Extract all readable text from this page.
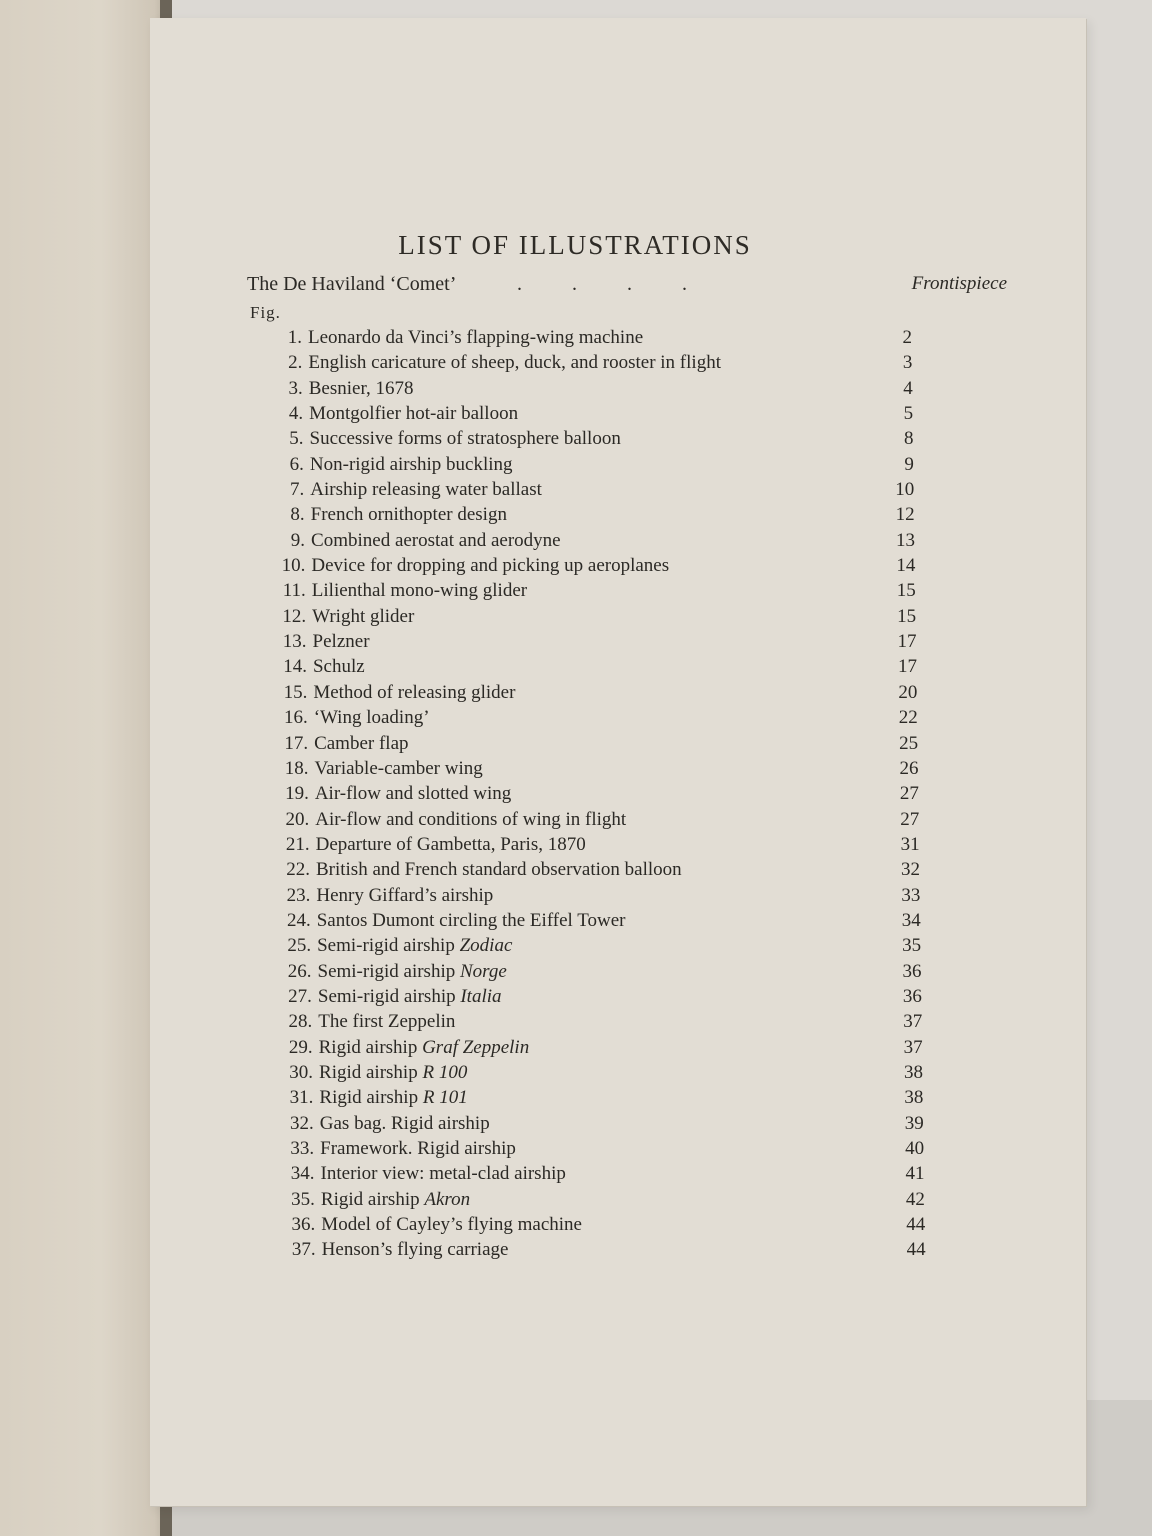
LIST OF ILLUSTRATIONS
The De Haviland ‘Comet’	.          .          .          .	Frontispiece
Fig.
1. Leonardo da Vinci’s flapping-wing machine	2
2. English caricature of sheep, duck, and rooster in flight	3
3. Besnier, 1678	4
4. Montgolfier hot-air balloon	5
5. Successive forms of stratosphere balloon	8
6. Non-rigid airship buckling	9
7. Airship releasing water ballast	10
8. French ornithopter design	12
9. Combined aerostat and aerodyne	13
10. Device for dropping and picking up aeroplanes	14
11. Lilienthal mono-wing glider	15
12. Wright glider	15
13. Pelzner	17
14. Schulz	17
15. Method of releasing glider	20
16. ‘Wing loading’	22
17. Camber flap	25
18. Variable-camber wing	26
19. Air-flow and slotted wing	27
20. Air-flow and conditions of wing in flight	27
21. Departure of Gambetta, Paris, 1870	31
22. British and French standard observation balloon	32
23. Henry Giffard’s airship	33
24. Santos Dumont circling the Eiffel Tower	34
25. Semi-rigid airship Zodiac	35
26. Semi-rigid airship Norge	36
27. Semi-rigid airship Italia	36
28. The first Zeppelin	37
29. Rigid airship Graf Zeppelin	37
30. Rigid airship R 100	38
31. Rigid airship R 101	38
32. Gas bag. Rigid airship	39
33. Framework. Rigid airship	40
34. Interior view: metal-clad airship	41
35. Rigid airship Akron	42
36. Model of Cayley’s flying machine	44
37. Henson’s flying carriage	44
